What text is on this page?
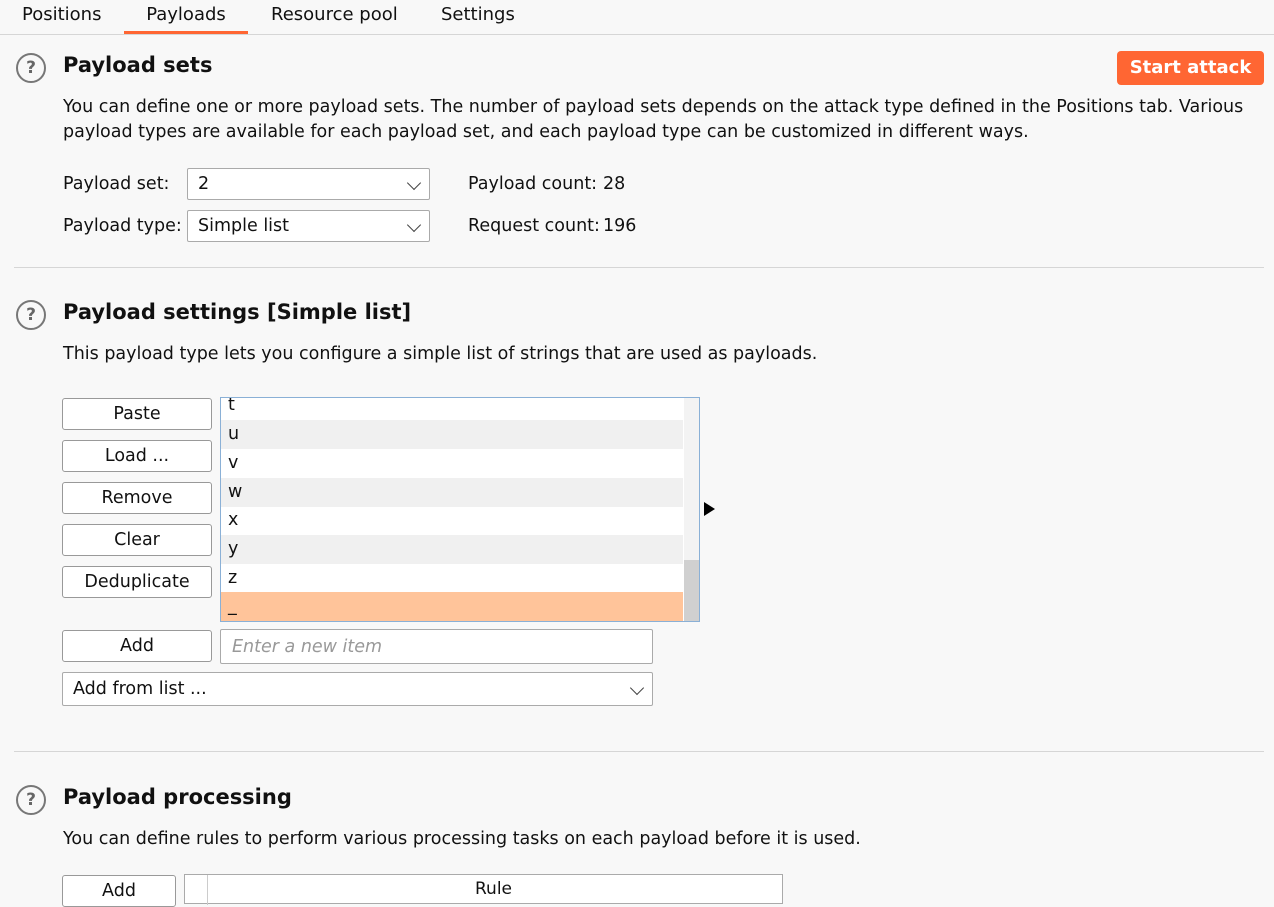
Positions	Payloads	Resource pool Settings
?	Payload sets	Start attack
You can define one or more payload sets. The number of payload sets depends on the attack type defined in the Positions tab. Various
payload types are available for each payload set, and each payload type can be customized in different ways.
Payload set:	2	Payload count: 28
Payload type: Simple list	Request count: 196
?	Payload settings [Simple list]
This payload type lets you configure a simple list of strings that are used as payloads.
Paste
Load ...
Remove
Clear
Deduplicate
t
u
v
w
x
y
z
_
Add
Enter a new item
Add from list ...
?	Payload processing
You can define rules to perform various processing tasks on each payload before it is used.
Add	Rule
